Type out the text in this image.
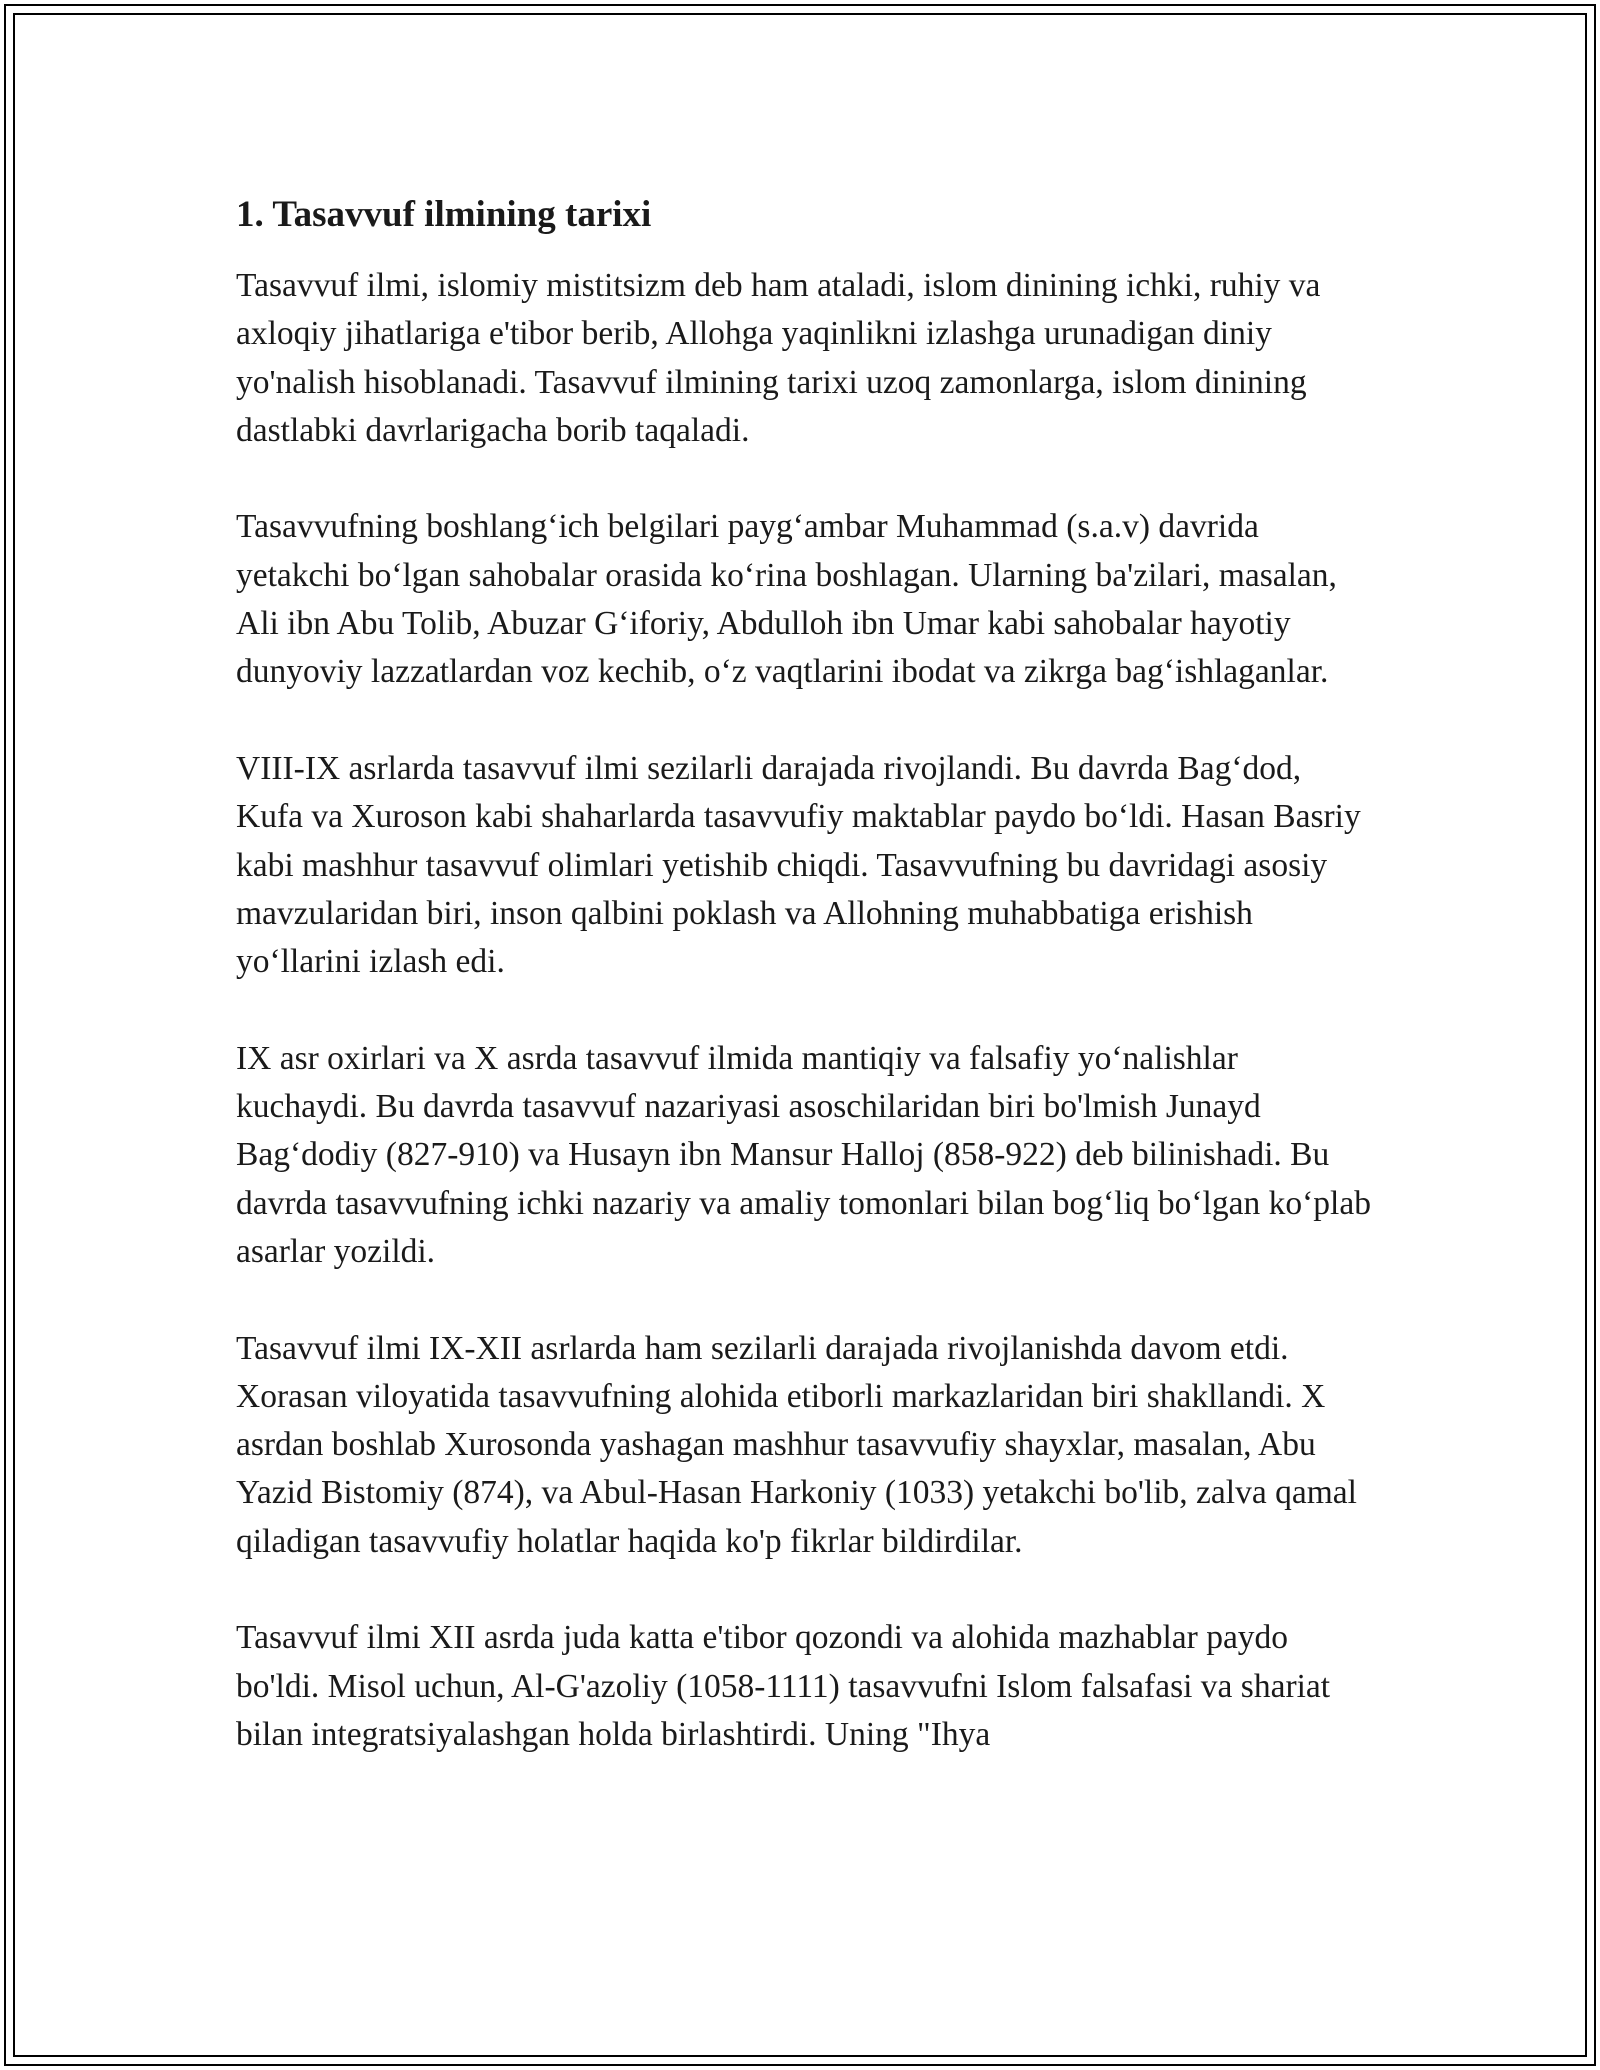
1. Tasavvuf ilmining tarixi

Tasavvuf ilmi, islomiy mistitsizm deb ham ataladi, islom dinining ichki, ruhiy va axloqiy jihatlariga e'tibor berib, Allohga yaqinlikni izlashga urunadigan diniy yo'nalish hisoblanadi. Tasavvuf ilmining tarixi uzoq zamonlarga, islom dinining dastlabki davrlarigacha borib taqaladi.

Tasavvufning boshlang‘ich belgilari payg‘ambar Muhammad (s.a.v) davrida yetakchi bo‘lgan sahobalar orasida ko‘rina boshlagan. Ularning ba'zilari, masalan, Ali ibn Abu Tolib, Abuzar G‘iforiy, Abdulloh ibn Umar kabi sahobalar hayotiy dunyoviy lazzatlardan voz kechib, o‘z vaqtlarini ibodat va zikrga bag‘ishlaganlar.

VIII-IX asrlarda tasavvuf ilmi sezilarli darajada rivojlandi. Bu davrda Bag‘dod, Kufa va Xuroson kabi shaharlarda tasavvufiy maktablar paydo bo‘ldi. Hasan Basriy kabi mashhur tasavvuf olimlari yetishib chiqdi. Tasavvufning bu davridagi asosiy mavzularidan biri, inson qalbini poklash va Allohning muhabbatiga erishish yo‘llarini izlash edi.

IX asr oxirlari va X asrda tasavvuf ilmida mantiqiy va falsafiy yo‘nalishlar kuchaydi. Bu davrda tasavvuf nazariyasi asoschilaridan biri bo'lmish Junayd Bag‘dodiy (827-910) va Husayn ibn Mansur Halloj (858-922) deb bilinishadi. Bu davrda tasavvufning ichki nazariy va amaliy tomonlari bilan bog‘liq bo‘lgan ko‘plab asarlar yozildi.

Tasavvuf ilmi IX-XII asrlarda ham sezilarli darajada rivojlanishda davom etdi. Xorasan viloyatida tasavvufning alohida etiborli markazlaridan biri shakllandi. X asrdan boshlab Xurosonda yashagan mashhur tasavvufiy shayxlar, masalan, Abu Yazid Bistomiy (874), va Abul-Hasan Harkoniy (1033) yetakchi bo'lib, zalva qamal qiladigan tasavvufiy holatlar haqida ko'p fikrlar bildirdilar.

Tasavvuf ilmi XII asrda juda katta e'tibor qozondi va alohida mazhablar paydo bo'ldi. Misol uchun, Al-G'azoliy (1058-1111) tasavvufni Islom falsafasi va shariat bilan integratsiyalashgan holda birlashtirdi. Uning "Ihya
